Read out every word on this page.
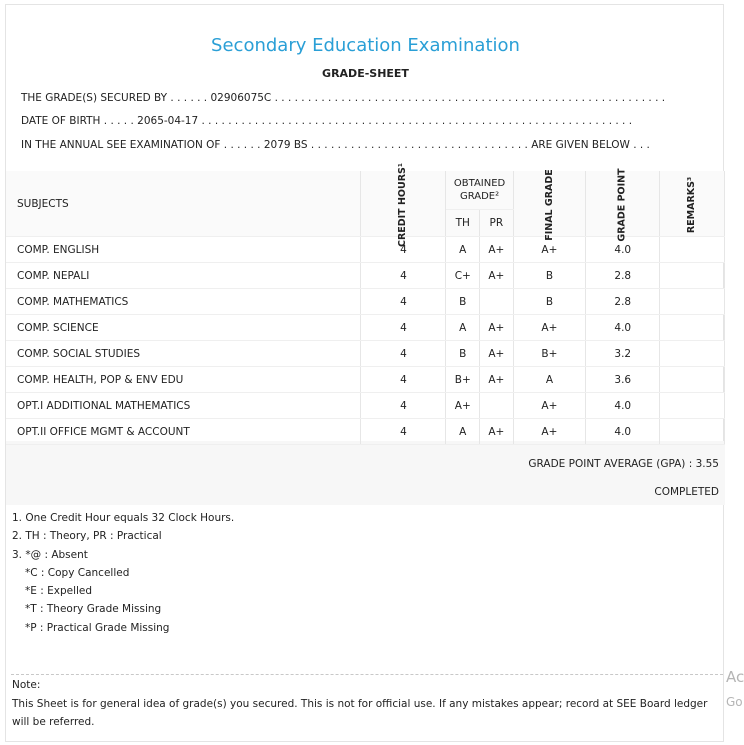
Secondary Education Examination
GRADE-SHEET
THE GRADE(S) SECURED BY . . . . . . 02906075C . . . . . . . . . . . . . . . . . . . . . . . . . . . . . . . . . . . . . . . . . . . . . . . . . . . . . . . . . . .
DATE OF BIRTH . . . . . 2065-04-17 . . . . . . . . . . . . . . . . . . . . . . . . . . . . . . . . . . . . . . . . . . . . . . . . . . . . . . . . . . . . . . . . .
IN THE ANNUAL SEE EXAMINATION OF . . . . . . 2079 BS . . . . . . . . . . . . . . . . . . . . . . . . . . . . . . . . . ARE GIVEN BELOW . . .
SUBJECTS	CREDIT HOURS¹	OBTAINED GRADE²		FINAL GRADE	GRADE POINT	REMARKS³
		TH	PR			
COMP. ENGLISH	4	A	A+	A+	4.0	
COMP. NEPALI	4	C+	A+	B	2.8	
COMP. MATHEMATICS	4	B		B	2.8	
COMP. SCIENCE	4	A	A+	A+	4.0	
COMP. SOCIAL STUDIES	4	B	A+	B+	3.2	
COMP. HEALTH, POP & ENV EDU	4	B+	A+	A	3.6	
OPT.I ADDITIONAL MATHEMATICS	4	A+		A+	4.0	
OPT.II OFFICE MGMT & ACCOUNT	4	A	A+	A+	4.0	
GRADE POINT AVERAGE (GPA) : 3.55
COMPLETED
1. One Credit Hour equals 32 Clock Hours.
2. TH : Theory, PR : Practical
3. *@ : Absent
*C : Copy Cancelled
*E : Expelled
*T : Theory Grade Missing
*P : Practical Grade Missing
Note:
This Sheet is for general idea of grade(s) you secured. This is not for official use. If any mistakes appear; record at SEE Board ledger will be referred.
Ac
Go
